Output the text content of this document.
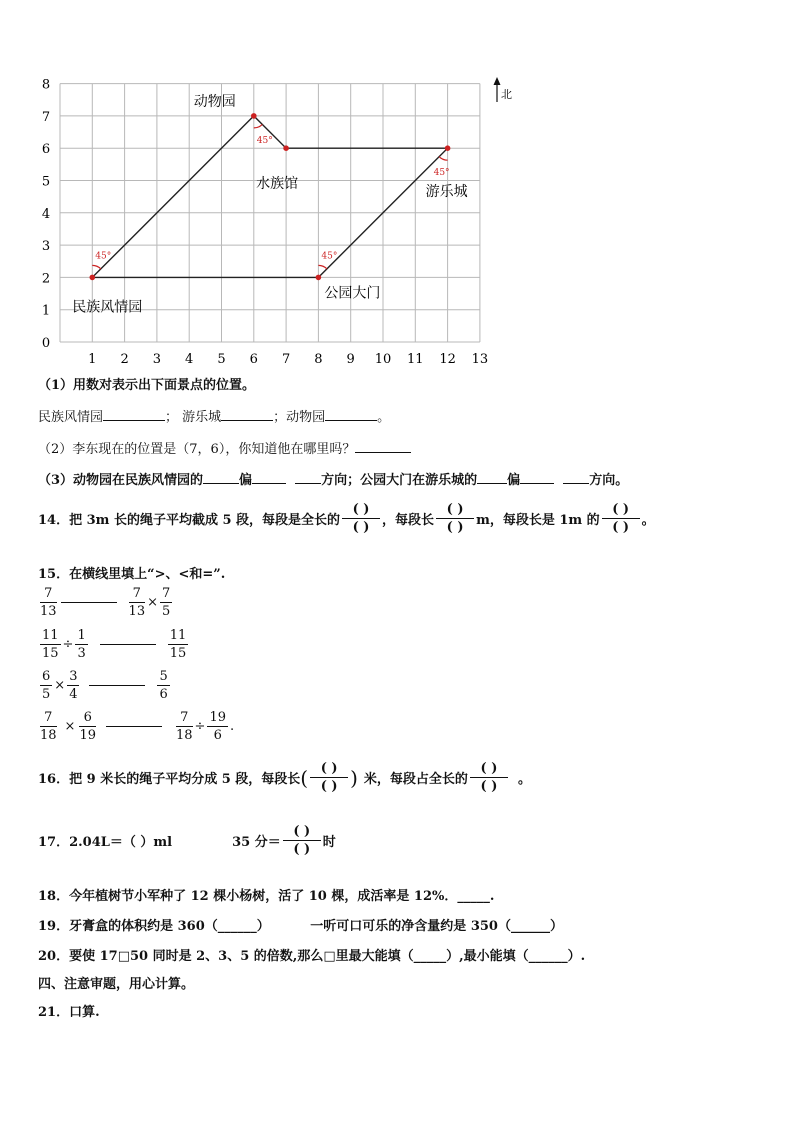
1 2 3 4 5 6 7 8 9 10 11 12 13
0
1
2
3
4
5
6
7
8
45°	45°
45°
45°
动物园
水族馆	游乐城
民族风情园
公园大门
北
（1）用数对表示出下面景点的位置。
民族风情园	； 游乐城	；动物园	。
（2）李东现在的位置是（7，6），你知道他在哪里吗？
（3）动物园在民族风情园的	偏	方向；公园大门在游乐城的 偏	方向。
14．把 3m 长的绳子平均截成 5 段，每段是全长的 $\frac{( )}{( )}$ ，每段长 $\frac{( )}{( )}$ m，每段长是 1m 的 $\frac{( )}{( )}$ 。
15．在横线里填上“>、<和=”.
$\frac{7}{13}$	$\frac{7}{13} \times \frac{7}{5}$
$\frac{11}{15} \div \frac{1}{3}$	$\frac{11}{15}$
$\frac{6}{5} \times \frac{3}{4}$	$\frac{5}{6}$
$\frac{7}{18} \times \frac{6}{19}$	$\frac{7}{18} \div \frac{19}{6}$ .
16．把 9 米长的绳子平均分成 5 段，每段长 ( $\frac{( )}{( )}$ ) 米，每段占全长的 $\frac{( )}{( )}$ 。
17．2.04L＝（ ）ml	35 分＝ $\frac{( )}{( )}$ 时
18．今年植树节小军种了 12 棵小杨树，活了 10 棵，成活率是 12%．_____.
19．牙膏盒的体积约是 360（______）	一听可口可乐的净含量约是 350（______）
20．要使 17□50 同时是 2、3、5 的倍数,那么□里最大能填（_____）,最小能填（______）.
四、注意审题，用心计算。
21．口算.
